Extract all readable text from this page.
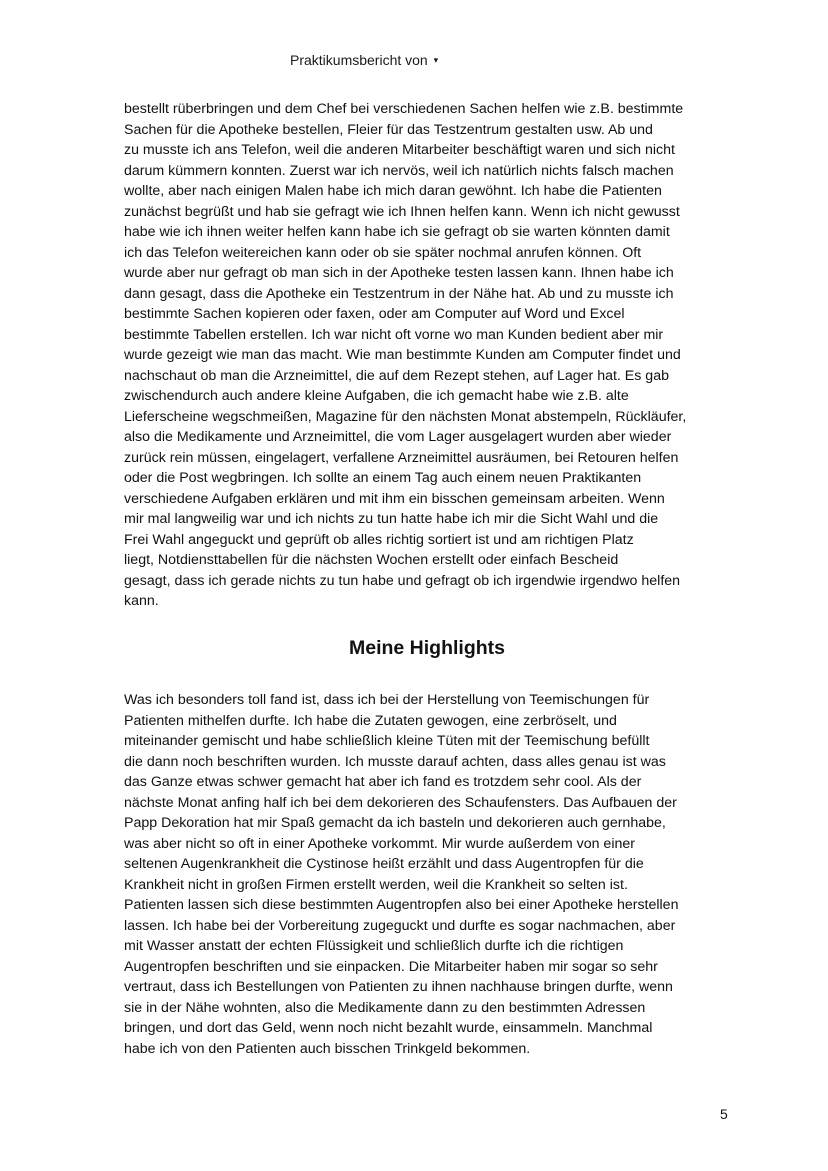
Praktikumsbericht von ▾

bestellt rüberbringen und dem Chef bei verschiedenen Sachen helfen wie z.B. bestimmte
Sachen für die Apotheke bestellen, Fleier für das Testzentrum gestalten usw. Ab und
zu musste ich ans Telefon, weil die anderen Mitarbeiter beschäftigt waren und sich nicht
darum kümmern konnten. Zuerst war ich nervös, weil ich natürlich nichts falsch machen
wollte, aber nach einigen Malen habe ich mich daran gewöhnt. Ich habe die Patienten
zunächst begrüßt und hab sie gefragt wie ich Ihnen helfen kann. Wenn ich nicht gewusst
habe wie ich ihnen weiter helfen kann habe ich sie gefragt ob sie warten könnten damit
ich das Telefon weitereichen kann oder ob sie später nochmal anrufen können. Oft
wurde aber nur gefragt ob man sich in der Apotheke testen lassen kann. Ihnen habe ich
dann gesagt, dass die Apotheke ein Testzentrum in der Nähe hat. Ab und zu musste ich
bestimmte Sachen kopieren oder faxen, oder am Computer auf Word und Excel
bestimmte Tabellen erstellen. Ich war nicht oft vorne wo man Kunden bedient aber mir
wurde gezeigt wie man das macht. Wie man bestimmte Kunden am Computer findet und
nachschaut ob man die Arzneimittel, die auf dem Rezept stehen, auf Lager hat. Es gab
zwischendurch auch andere kleine Aufgaben, die ich gemacht habe wie z.B. alte
Lieferscheine wegschmeißen, Magazine für den nächsten Monat abstempeln, Rückläufer,
also die Medikamente und Arzneimittel, die vom Lager ausgelagert wurden aber wieder
zurück rein müssen, eingelagert, verfallene Arzneimittel ausräumen, bei Retouren helfen
oder die Post wegbringen. Ich sollte an einem Tag auch einem neuen Praktikanten
verschiedene Aufgaben erklären und mit ihm ein bisschen gemeinsam arbeiten. Wenn
mir mal langweilig war und ich nichts zu tun hatte habe ich mir die Sicht Wahl und die
Frei Wahl angeguckt und geprüft ob alles richtig sortiert ist und am richtigen Platz
liegt, Notdiensttabellen für die nächsten Wochen erstellt oder einfach Bescheid
gesagt, dass ich gerade nichts zu tun habe und gefragt ob ich irgendwie irgendwo helfen
kann.

Meine Highlights

Was ich besonders toll fand ist, dass ich bei der Herstellung von Teemischungen für
Patienten mithelfen durfte. Ich habe die Zutaten gewogen, eine zerbröselt, und
miteinander gemischt und habe schließlich kleine Tüten mit der Teemischung befüllt
die dann noch beschriften wurden. Ich musste darauf achten, dass alles genau ist was
das Ganze etwas schwer gemacht hat aber ich fand es trotzdem sehr cool. Als der
nächste Monat anfing half ich bei dem dekorieren des Schaufensters. Das Aufbauen der
Papp Dekoration hat mir Spaß gemacht da ich basteln und dekorieren auch gernhabe,
was aber nicht so oft in einer Apotheke vorkommt. Mir wurde außerdem von einer
seltenen Augenkrankheit die Cystinose heißt erzählt und dass Augentropfen für die
Krankheit nicht in großen Firmen erstellt werden, weil die Krankheit so selten ist.
Patienten lassen sich diese bestimmten Augentropfen also bei einer Apotheke herstellen
lassen. Ich habe bei der Vorbereitung zugeguckt und durfte es sogar nachmachen, aber
mit Wasser anstatt der echten Flüssigkeit und schließlich durfte ich die richtigen
Augentropfen beschriften und sie einpacken. Die Mitarbeiter haben mir sogar so sehr
vertraut, dass ich Bestellungen von Patienten zu ihnen nachhause bringen durfte, wenn
sie in der Nähe wohnten, also die Medikamente dann zu den bestimmten Adressen
bringen, und dort das Geld, wenn noch nicht bezahlt wurde, einsammeln. Manchmal
habe ich von den Patienten auch bisschen Trinkgeld bekommen.

5
